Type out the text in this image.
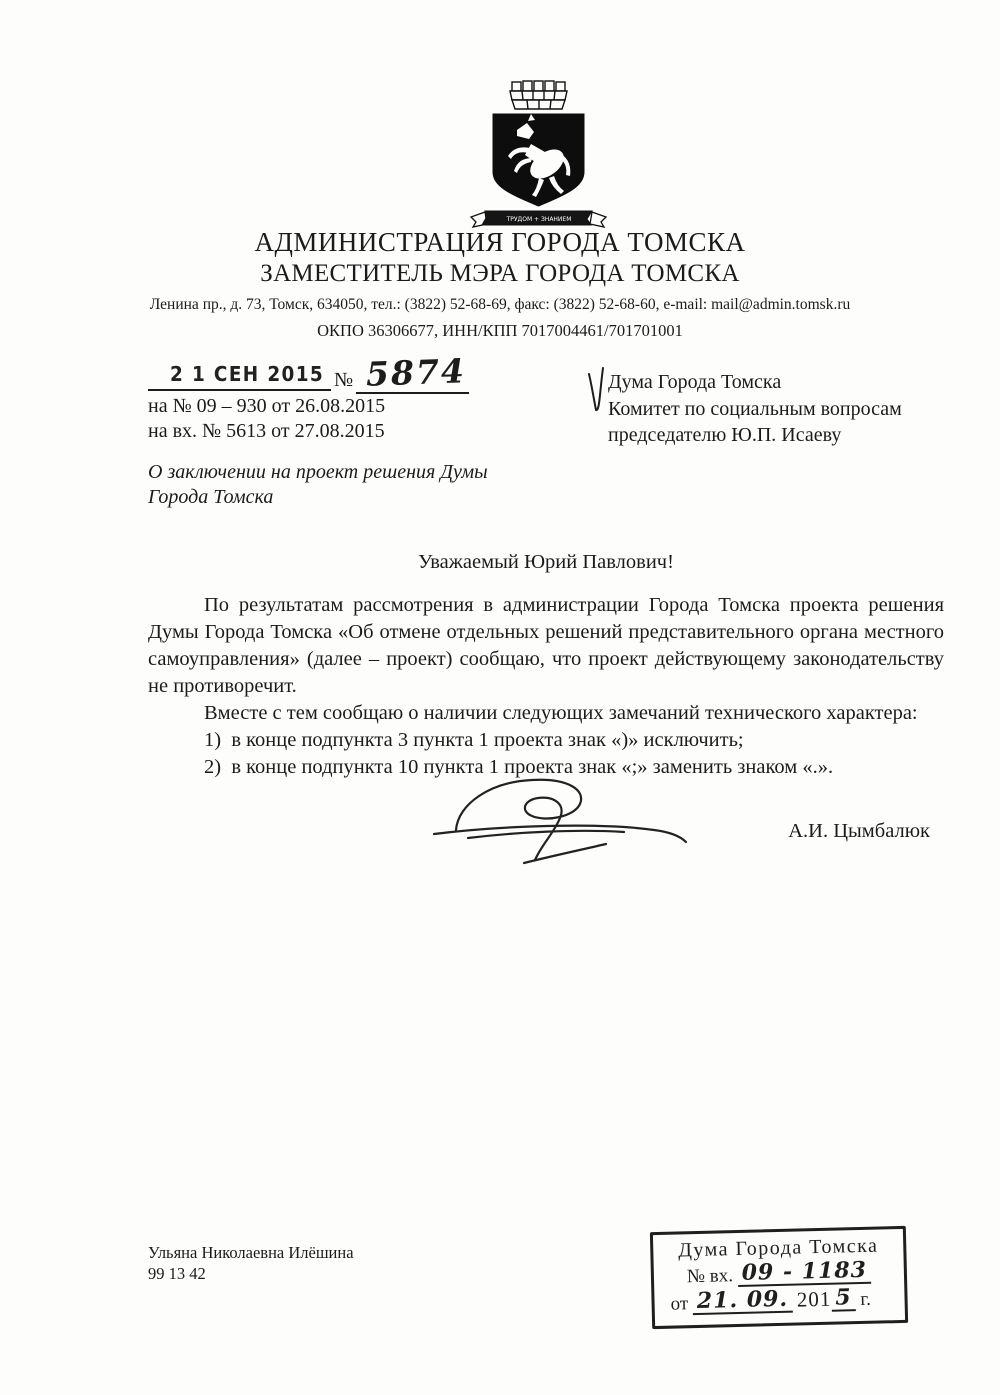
ТРУДОМ + ЗНАНИЕМ
АДМИНИСТРАЦИЯ ГОРОДА ТОМСКА
ЗАМЕСТИТЕЛЬ МЭРА ГОРОДА ТОМСКА
Ленина пр., д. 73, Томск, 634050, тел.: (3822) 52-68-69, факс: (3822) 52-68-60, e-mail: mail@admin.tomsk.ru
ОКПО 36306677, ИНН/КПП 7017004461/701701001
2 1 СЕН 2015 № 5874
на № 09 – 930 от 26.08.2015
на вх. № 5613 от 27.08.2015
Дума Города Томска
Комитет по социальным вопросам
председателю Ю.П. Исаеву
О заключении на проект решения Думы
Города Томска
Уважаемый Юрий Павлович!

По результатам рассмотрения в администрации Города Томска проекта решения Думы Города Томска «Об отмене отдельных решений представительного органа местного самоуправления» (далее – проект) сообщаю, что проект действующему законодательству не противоречит.

Вместе с тем сообщаю о наличии следующих замечаний технического характера:

1)  в конце подпункта 3 пункта 1 проекта знак «)» исключить;

2)  в конце подпункта 10 пункта 1 проекта знак «;» заменить знаком «.».

А.И. Цымбалюк
Ульяна Николаевна Илёшина
99 13 42
Дума Города Томска
№ вх. 09 - 1183
от 21. 09. 201 5 г.
